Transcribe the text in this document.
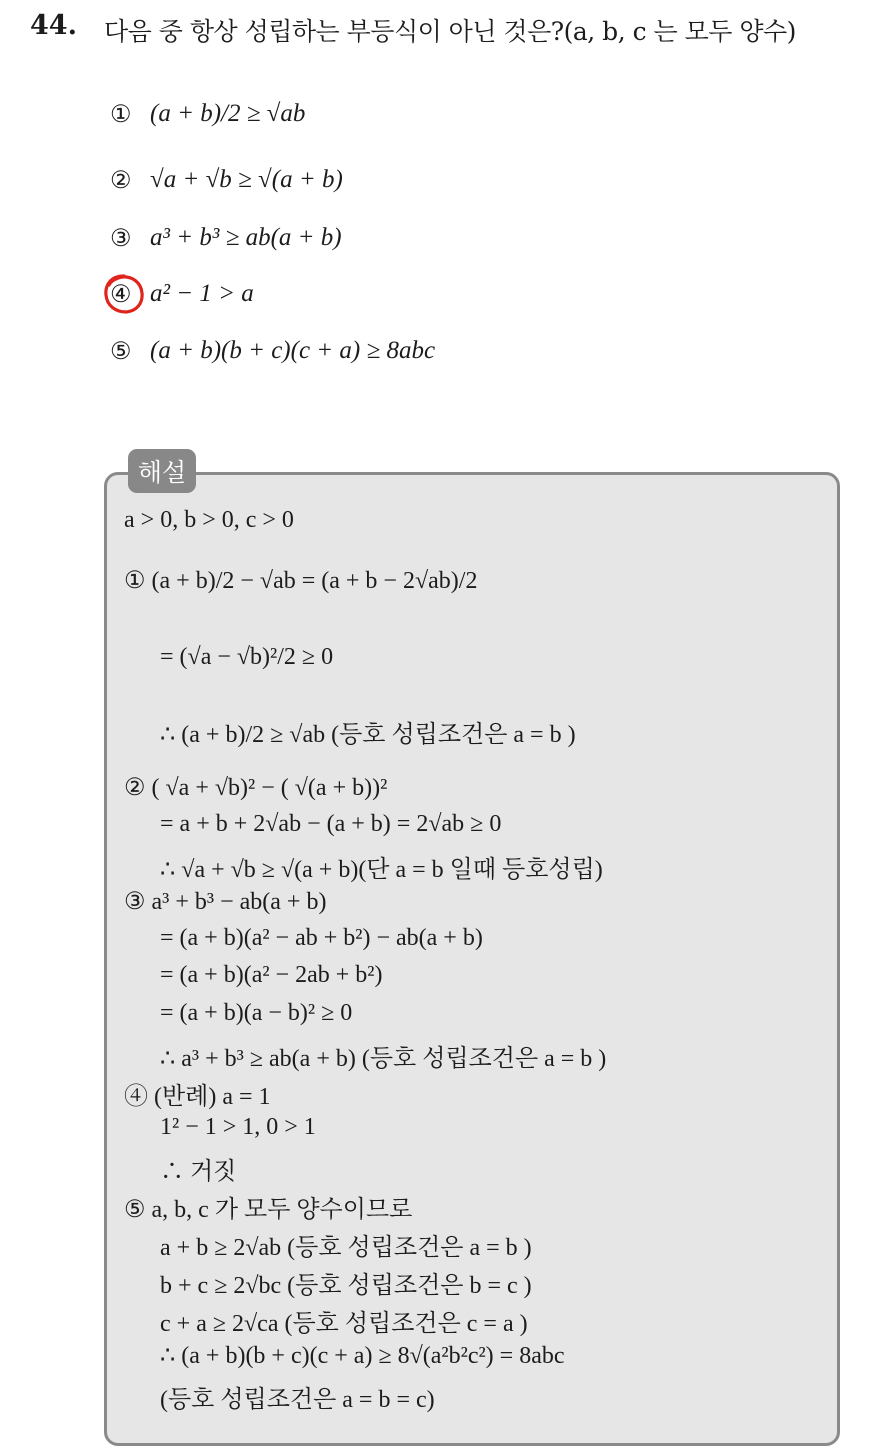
44. 다음 중 항상 성립하는 부등식이 아닌 것은?(a, b, c 는 모두 양수)
① (a + b)/2 ≥ √ab
② √a + √b ≥ √(a + b)
③ a³ + b³ ≥ ab(a + b)
④ a² − 1 > a
⑤ (a + b)(b + c)(c + a) ≥ 8abc
해설
a > 0, b > 0, c > 0
① (a + b)/2 − √ab = (a + b − 2√ab)/2
= (√a − √b)²/2 ≥ 0
∴ (a + b)/2 ≥ √ab (등호 성립조건은 a = b )
② ( √a + √b)² − ( √(a + b))²
= a + b + 2√ab − (a + b) = 2√ab ≥ 0
∴ √a + √b ≥ √(a + b)(단 a = b 일때 등호성립)
③ a³ + b³ − ab(a + b)
= (a + b)(a² − ab + b²) − ab(a + b)
= (a + b)(a² − 2ab + b²)
= (a + b)(a − b)² ≥ 0
∴ a³ + b³ ≥ ab(a + b) (등호 성립조건은 a = b )
④ (반례) a = 1
1² − 1 > 1, 0 > 1
∴ 거짓
⑤ a, b, c 가 모두 양수이므로
a + b ≥ 2√ab (등호 성립조건은 a = b )
b + c ≥ 2√bc (등호 성립조건은 b = c )
c + a ≥ 2√ca (등호 성립조건은 c = a )
∴ (a + b)(b + c)(c + a) ≥ 8√(a²b²c²) = 8abc
(등호 성립조건은 a = b = c)
